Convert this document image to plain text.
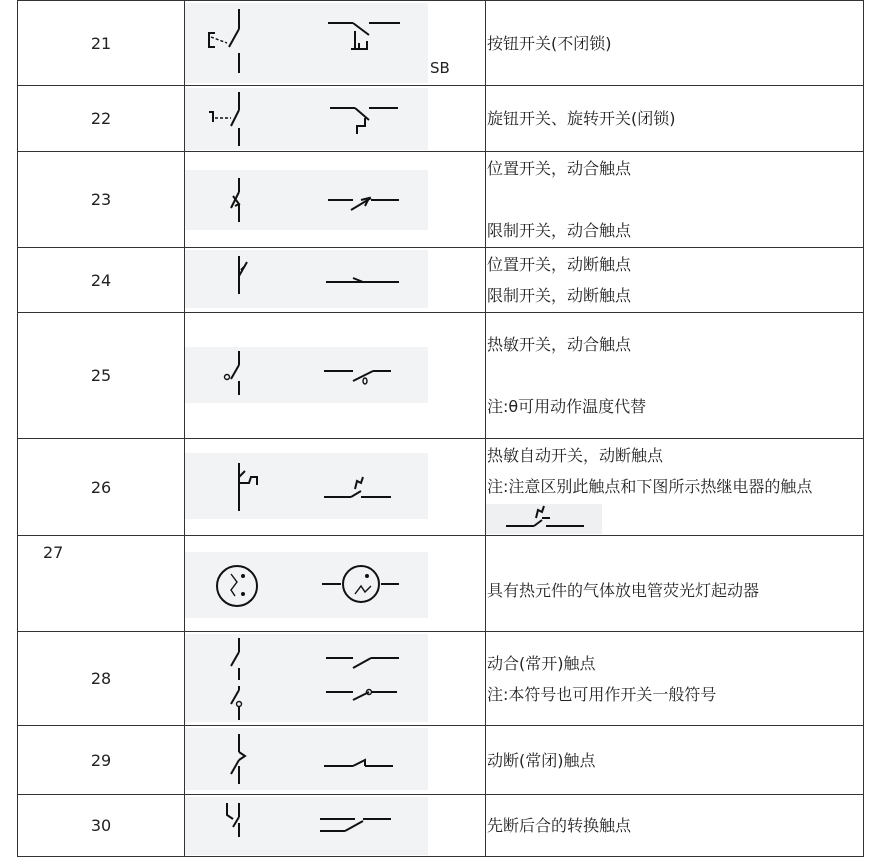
21	SB	按钮开关(不闭锁)

22		旋钮开关、旋转开关(闭锁)

23		位置开关，动合触点
限制开关，动合触点

24		位置开关，动断触点
限制开关，动断触点

25		热敏开关，动合触点
注:θ可用动作温度代替

26		热敏自动开关，动断触点
注:注意区别此触点和下图所示热继电器的触点

27		具有热元件的气体放电管荧光灯起动器

28		动合(常开)触点
注:本符号也可用作开关一般符号

29		动断(常闭)触点

30		先断后合的转换触点
